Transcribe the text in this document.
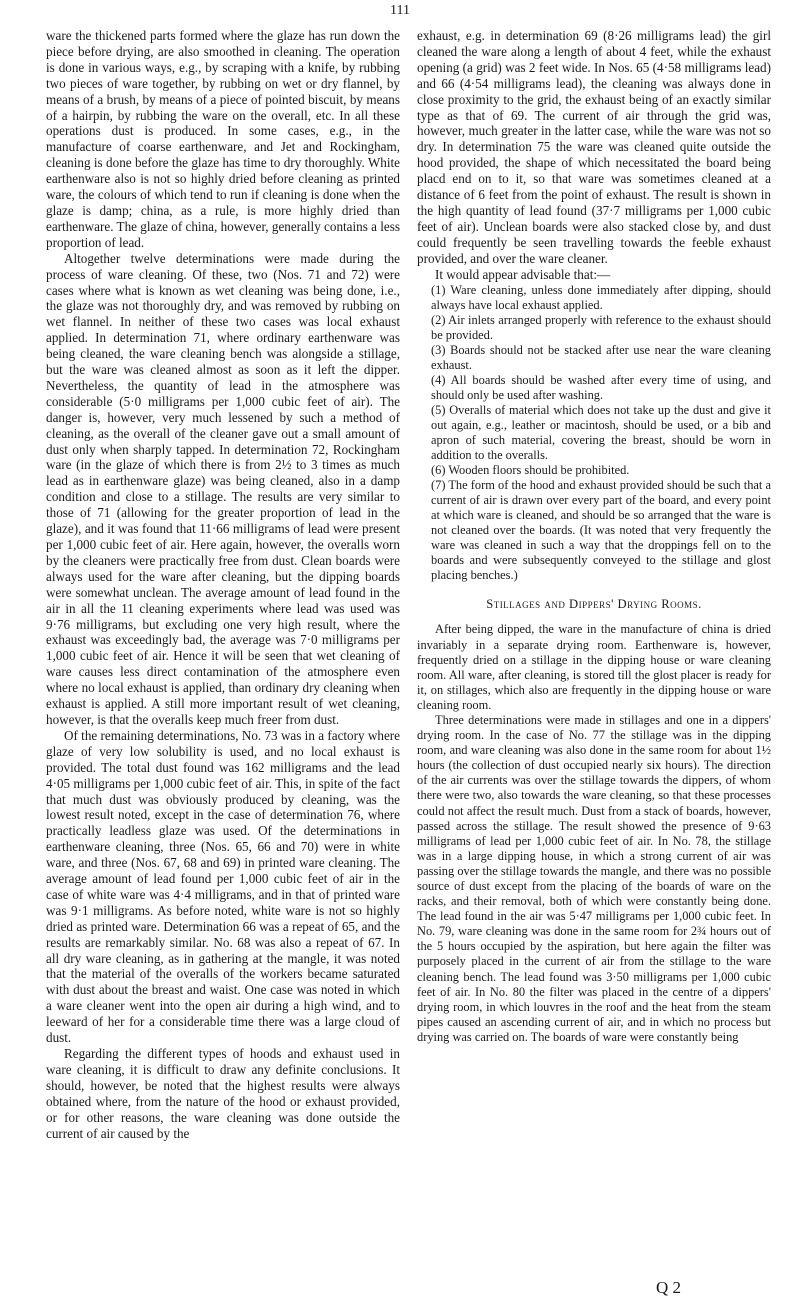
111

ware the thickened parts formed where the glaze has run down the piece before drying, are also smoothed in cleaning. The operation is done in various ways, e.g., by scraping with a knife, by rubbing two pieces of ware together, by rubbing on wet or dry flannel, by means of a brush, by means of a piece of pointed biscuit, by means of a hairpin, by rubbing the ware on the overall, etc. In all these operations dust is produced. In some cases, e.g., in the manufacture of coarse earthenware, and Jet and Rockingham, cleaning is done before the glaze has time to dry thoroughly. White earthenware also is not so highly dried before cleaning as printed ware, the colours of which tend to run if cleaning is done when the glaze is damp; china, as a rule, is more highly dried than earthenware. The glaze of china, however, generally contains a less proportion of lead.

Altogether twelve determinations were made during the process of ware cleaning. Of these, two (Nos. 71 and 72) were cases where what is known as wet cleaning was being done, i.e., the glaze was not thoroughly dry, and was removed by rubbing on wet flannel. In neither of these two cases was local exhaust applied. In determination 71, where ordinary earthenware was being cleaned, the ware cleaning bench was alongside a stillage, but the ware was cleaned almost as soon as it left the dipper. Nevertheless, the quantity of lead in the atmosphere was considerable (5·0 milligrams per 1,000 cubic feet of air). The danger is, however, very much lessened by such a method of cleaning, as the overall of the cleaner gave out a small amount of dust only when sharply tapped. In determination 72, Rockingham ware (in the glaze of which there is from 2½ to 3 times as much lead as in earthenware glaze) was being cleaned, also in a damp condition and close to a stillage. The results are very similar to those of 71 (allowing for the greater proportion of lead in the glaze), and it was found that 11·66 milligrams of lead were present per 1,000 cubic feet of air. Here again, however, the overalls worn by the cleaners were practically free from dust. Clean boards were always used for the ware after cleaning, but the dipping boards were somewhat unclean. The average amount of lead found in the air in all the 11 cleaning experiments where lead was used was 9·76 milligrams, but excluding one very high result, where the exhaust was exceedingly bad, the average was 7·0 milligrams per 1,000 cubic feet of air. Hence it will be seen that wet cleaning of ware causes less direct contamination of the atmosphere even where no local exhaust is applied, than ordinary dry cleaning when exhaust is applied. A still more important result of wet cleaning, however, is that the overalls keep much freer from dust.

Of the remaining determinations, No. 73 was in a factory where glaze of very low solubility is used, and no local exhaust is provided. The total dust found was 162 milligrams and the lead 4·05 milligrams per 1,000 cubic feet of air. This, in spite of the fact that much dust was obviously produced by cleaning, was the lowest result noted, except in the case of determination 76, where practically leadless glaze was used. Of the determinations in earthenware cleaning, three (Nos. 65, 66 and 70) were in white ware, and three (Nos. 67, 68 and 69) in printed ware cleaning. The average amount of lead found per 1,000 cubic feet of air in the case of white ware was 4·4 milligrams, and in that of printed ware was 9·1 milligrams. As before noted, white ware is not so highly dried as printed ware. Determination 66 was a repeat of 65, and the results are remarkably similar. No. 68 was also a repeat of 67. In all dry ware cleaning, as in gathering at the mangle, it was noted that the material of the overalls of the workers became saturated with dust about the breast and waist. One case was noted in which a ware cleaner went into the open air during a high wind, and to leeward of her for a considerable time there was a large cloud of dust.

Regarding the different types of hoods and exhaust used in ware cleaning, it is difficult to draw any definite conclusions. It should, however, be noted that the highest results were always obtained where, from the nature of the hood or exhaust provided, or for other reasons, the ware cleaning was done outside the current of air caused by the

exhaust, e.g. in determination 69 (8·26 milligrams lead) the girl cleaned the ware along a length of about 4 feet, while the exhaust opening (a grid) was 2 feet wide. In Nos. 65 (4·58 milligrams lead) and 66 (4·54 milligrams lead), the cleaning was always done in close proximity to the grid, the exhaust being of an exactly similar type as that of 69. The current of air through the grid was, however, much greater in the latter case, while the ware was not so dry. In determination 75 the ware was cleaned quite outside the hood provided, the shape of which necessitated the board being placd end on to it, so that ware was sometimes cleaned at a distance of 6 feet from the point of exhaust. The result is shown in the high quantity of lead found (37·7 milligrams per 1,000 cubic feet of air). Unclean boards were also stacked close by, and dust could frequently be seen travelling towards the feeble exhaust provided, and over the ware cleaner.

It would appear advisable that:—

(1) Ware cleaning, unless done immediately after dipping, should always have local exhaust applied.
(2) Air inlets arranged properly with reference to the exhaust should be provided.
(3) Boards should not be stacked after use near the ware cleaning exhaust.
(4) All boards should be washed after every time of using, and should only be used after washing.
(5) Overalls of material which does not take up the dust and give it out again, e.g., leather or macintosh, should be used, or a bib and apron of such material, covering the breast, should be worn in addition to the overalls.
(6) Wooden floors should be prohibited.
(7) The form of the hood and exhaust provided should be such that a current of air is drawn over every part of the board, and every point at which ware is cleaned, and should be so arranged that the ware is not cleaned over the boards. (It was noted that very frequently the ware was cleaned in such a way that the droppings fell on to the boards and were subsequently conveyed to the stillage and glost placing benches.)

Stillages and Dippers' Drying Rooms.

After being dipped, the ware in the manufacture of china is dried invariably in a separate drying room. Earthenware is, however, frequently dried on a stillage in the dipping house or ware cleaning room. All ware, after cleaning, is stored till the glost placer is ready for it, on stillages, which also are frequently in the dipping house or ware cleaning room.

Three determinations were made in stillages and one in a dippers' drying room. In the case of No. 77 the stillage was in the dipping room, and ware cleaning was also done in the same room for about 1½ hours (the collection of dust occupied nearly six hours). The direction of the air currents was over the stillage towards the dippers, of whom there were two, also towards the ware cleaning, so that these processes could not affect the result much. Dust from a stack of boards, however, passed across the stillage. The result showed the presence of 9·63 milligrams of lead per 1,000 cubic feet of air. In No. 78, the stillage was in a large dipping house, in which a strong current of air was passing over the stillage towards the mangle, and there was no possible source of dust except from the placing of the boards of ware on the racks, and their removal, both of which were constantly being done. The lead found in the air was 5·47 milligrams per 1,000 cubic feet. In No. 79, ware cleaning was done in the same room for 2¾ hours out of the 5 hours occupied by the aspiration, but here again the filter was purposely placed in the current of air from the stillage to the ware cleaning bench. The lead found was 3·50 milligrams per 1,000 cubic feet of air. In No. 80 the filter was placed in the centre of a dippers' drying room, in which louvres in the roof and the heat from the steam pipes caused an ascending current of air, and in which no process but drying was carried on. The boards of ware were constantly being

Q 2
